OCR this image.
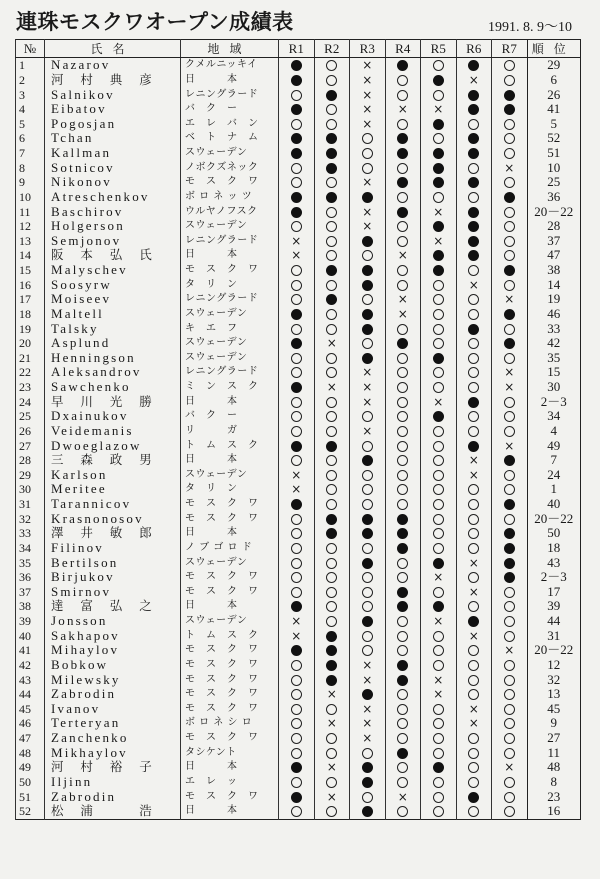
連珠モスクワオープン成績表	1991. 8. 9～10
№	氏名	地域	R1	R2	R3	R4	R5	R6	R7	順位
1	Nazarov	クメルニッキイ			×					29
2	河　村　典　彦	日　　　本			×			×		6
3	Salnikov	レニングラード			×					26
4	Eibatov	バ　ク　ー			×	×	×			41
5	Pogosjan	エ　レ　バ　ン			×					5
6	Tchan	ベ　ト　ナ　ム								52
7	Kallman	スウェーデン								51
8	Sotnicov	ノボクズネック							×	10
9	Nikonov	モ　ス　ク　ワ			×					25
10	Atreschenkov	ボ ロ ネ ッ ツ								36
11	Baschirov	ウルヤノフスク			×		×			20－22
12	Holgerson	スウェーデン			×					28
13	Semjonov	レニングラード	×				×			37
14	阪　本　弘　氏	日　　　本	×			×				47
15	Malyschev	モ　ス　ク　ワ								38
16	Soosyrw	タ　リ　ン						×		14
17	Moiseev	レニングラード				×			×	19
18	Maltell	スウェーデン				×				46
19	Talsky	キ　エ　フ								33
20	Asplund	スウェーデン		×						42
21	Henningson	スウェーデン								35
22	Aleksandrov	レニングラード			×				×	15
23	Sawchenko	ミ　ン　ス　ク		×	×				×	30
24	早　川　光　勝	日　　　本			×		×			2－3
25	Dxainukov	バ　ク　ー								34
26	Veidemanis	リ　　　ガ			×					4
27	Dwoeglazow	ト　ム　ス　ク							×	49
28	三　森　政　男	日　　　本						×		7
29	Karlson	スウェーデン	×					×		24
30	Meritee	タ　リ　ン	×							1
31	Tarannicov	モ　ス　ク　ワ								40
32	Krasnonosov	モ　ス　ク　ワ								20－22
33	澤　井　敏　郎	日　　　本								50
34	Filinov	ノ ブ ゴ ロ ド								18
35	Bertilson	スウェーデン						×		43
36	Birjukov	モ　ス　ク　ワ					×			2－3
37	Smirnov	モ　ス　ク　ワ						×		17
38	達　富　弘　之	日　　　本								39
39	Jonsson	スウェーデン	×				×			44
40	Sakhapov	ト　ム　ス　ク	×					×		31
41	Mihaylov	モ　ス　ク　ワ							×	20－22
42	Bobkow	モ　ス　ク　ワ			×					12
43	Milewsky	モ　ス　ク　ワ			×		×			32
44	Zabrodin	モ　ス　ク　ワ		×			×			13
45	Ivanov	モ　ス　ク　ワ			×			×		45
46	Terteryan	ボ ロ ネ シ ロ		×	×			×		9
47	Zanchenko	モ　ス　ク　ワ			×					27
48	Mikhaylov	タシケント								11
49	河　村　裕　子	日　　　本		×					×	48
50	Iljinn	エ　レ　ッ								8
51	Zabrodin	モ　ス　ク　ワ		×		×				23
52	松　浦　　　浩	日　　　本								16
